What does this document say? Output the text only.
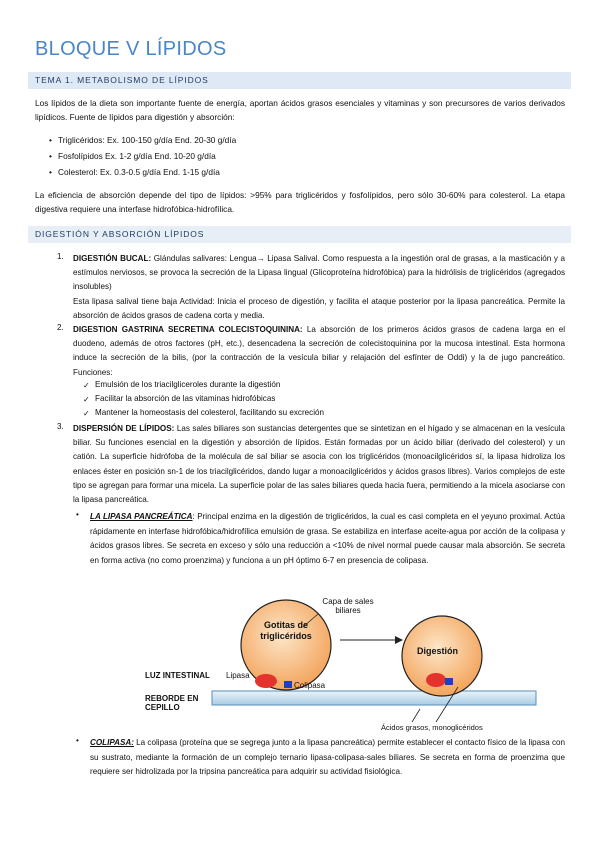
BLOQUE V LÍPIDOS
TEMA 1. METABOLISMO DE LÍPIDOS
Los lípidos de la dieta son importante fuente de energía, aportan ácidos grasos esenciales y vitaminas y son precursores de varios derivados lipídicos. Fuente de lípidos para digestión y absorción:
• Triglicéridos: Ex. 100-150 g/día End. 20-30 g/día
• Fosfolípidos Ex. 1-2 g/día End. 10-20 g/día
• Colesterol: Ex. 0.3-0.5 g/día End. 1-15 g/día
La eficiencia de absorción depende del tipo de lípidos: >95% para triglicéridos y fosfolípidos, pero sólo 30-60% para colesterol. La etapa digestiva requiere una interfase hidrofóbica-hidrofílica.
DIGESTIÓN Y ABSORCIÓN LÍPIDOS
1. DIGESTIÓN BUCAL: Glándulas salivares: Lengua→ Lipasa Salival. Como respuesta a la ingestión oral de grasas, a la masticación y a estímulos nerviosos, se provoca la secreción de la Lipasa lingual (Glicoproteína hidrofóbica) para la hidrólisis de triglicéridos (agregados insolubles)
Esta lipasa salival tiene baja Actividad: Inicia el proceso de digestión, y facilita el ataque posterior por la lipasa pancreática. Permite la absorción de ácidos grasos de cadena corta y media.
2. DIGESTION GASTRINA SECRETINA COLECISTOQUININA: La absorción de los primeros ácidos grasos de cadena larga en el duodeno, además de otros factores (pH, etc.), desencadena la secreción de colecistoquinina por la mucosa intestinal. Esta hormona induce la secreción de la bilis, (por la contracción de la vesícula biliar y relajación del esfínter de Oddi) y la de jugo pancreático. Funciones:
✓ Emulsión de los triacilgliceroles durante la digestión
✓ Facilitar la absorción de las vitaminas hidrofóbicas
✓ Mantener la homeostasis del colesterol, facilitando su excreción
3. DISPERSIÓN DE LÍPIDOS: Las sales biliares son sustancias detergentes que se sintetizan en el hígado y se almacenan en la vesícula biliar. Su funciones esencial en la digestión y absorción de lípidos. Están formadas por un ácido biliar (derivado del colesterol) y un catión. La superficie hidrófoba de la molécula de sal biliar se asocia con los triglicéridos (monoacilglicéridos sí, la lipasa hidroliza los enlaces éster en posición sn-1 de los triacilglicéridos, dando lugar a monoacilglicéridos y ácidos grasos libres). Varios complejos de este tipo se agregan para formar una micela. La superficie polar de las sales biliares queda hacia fuera, permitiendo a la micela asociarse con la lipasa pancreática.
• LA LIPASA PANCREÁTICA: Principal enzima en la digestión de triglicéridos, la cual es casi completa en el yeyuno proximal. Actúa rápidamente en interfase hidrofóbica/hidrofílica emulsión de grasa. Se estabiliza en interfase aceite-agua por acción de la colipasa y ácidos grasos libres. Se secreta en exceso y sólo una reducción a <10% de nivel normal puede causar mala absorción. Se secreta en forma activa (no como proenzima) y funciona a un pH óptimo 6-7 en presencia de colipasa.
Capa de sales biliares
Gotitas de triglicéridos
Digestión
LUZ INTESTINAL Lipasa
Colipasa
REBORDE EN CEPILLO
Ácidos grasos, monoglicéridos
• COLIPASA: La colipasa (proteína que se segrega junto a la lipasa pancreática) permite establecer el contacto físico de la lipasa con su sustrato, mediante la formación de un complejo ternario lipasa-colipasa-sales biliares. Se secreta en forma de proenzima que requiere ser hidrolizada por la tripsina pancreática para adquirir su actividad fisiológica.
